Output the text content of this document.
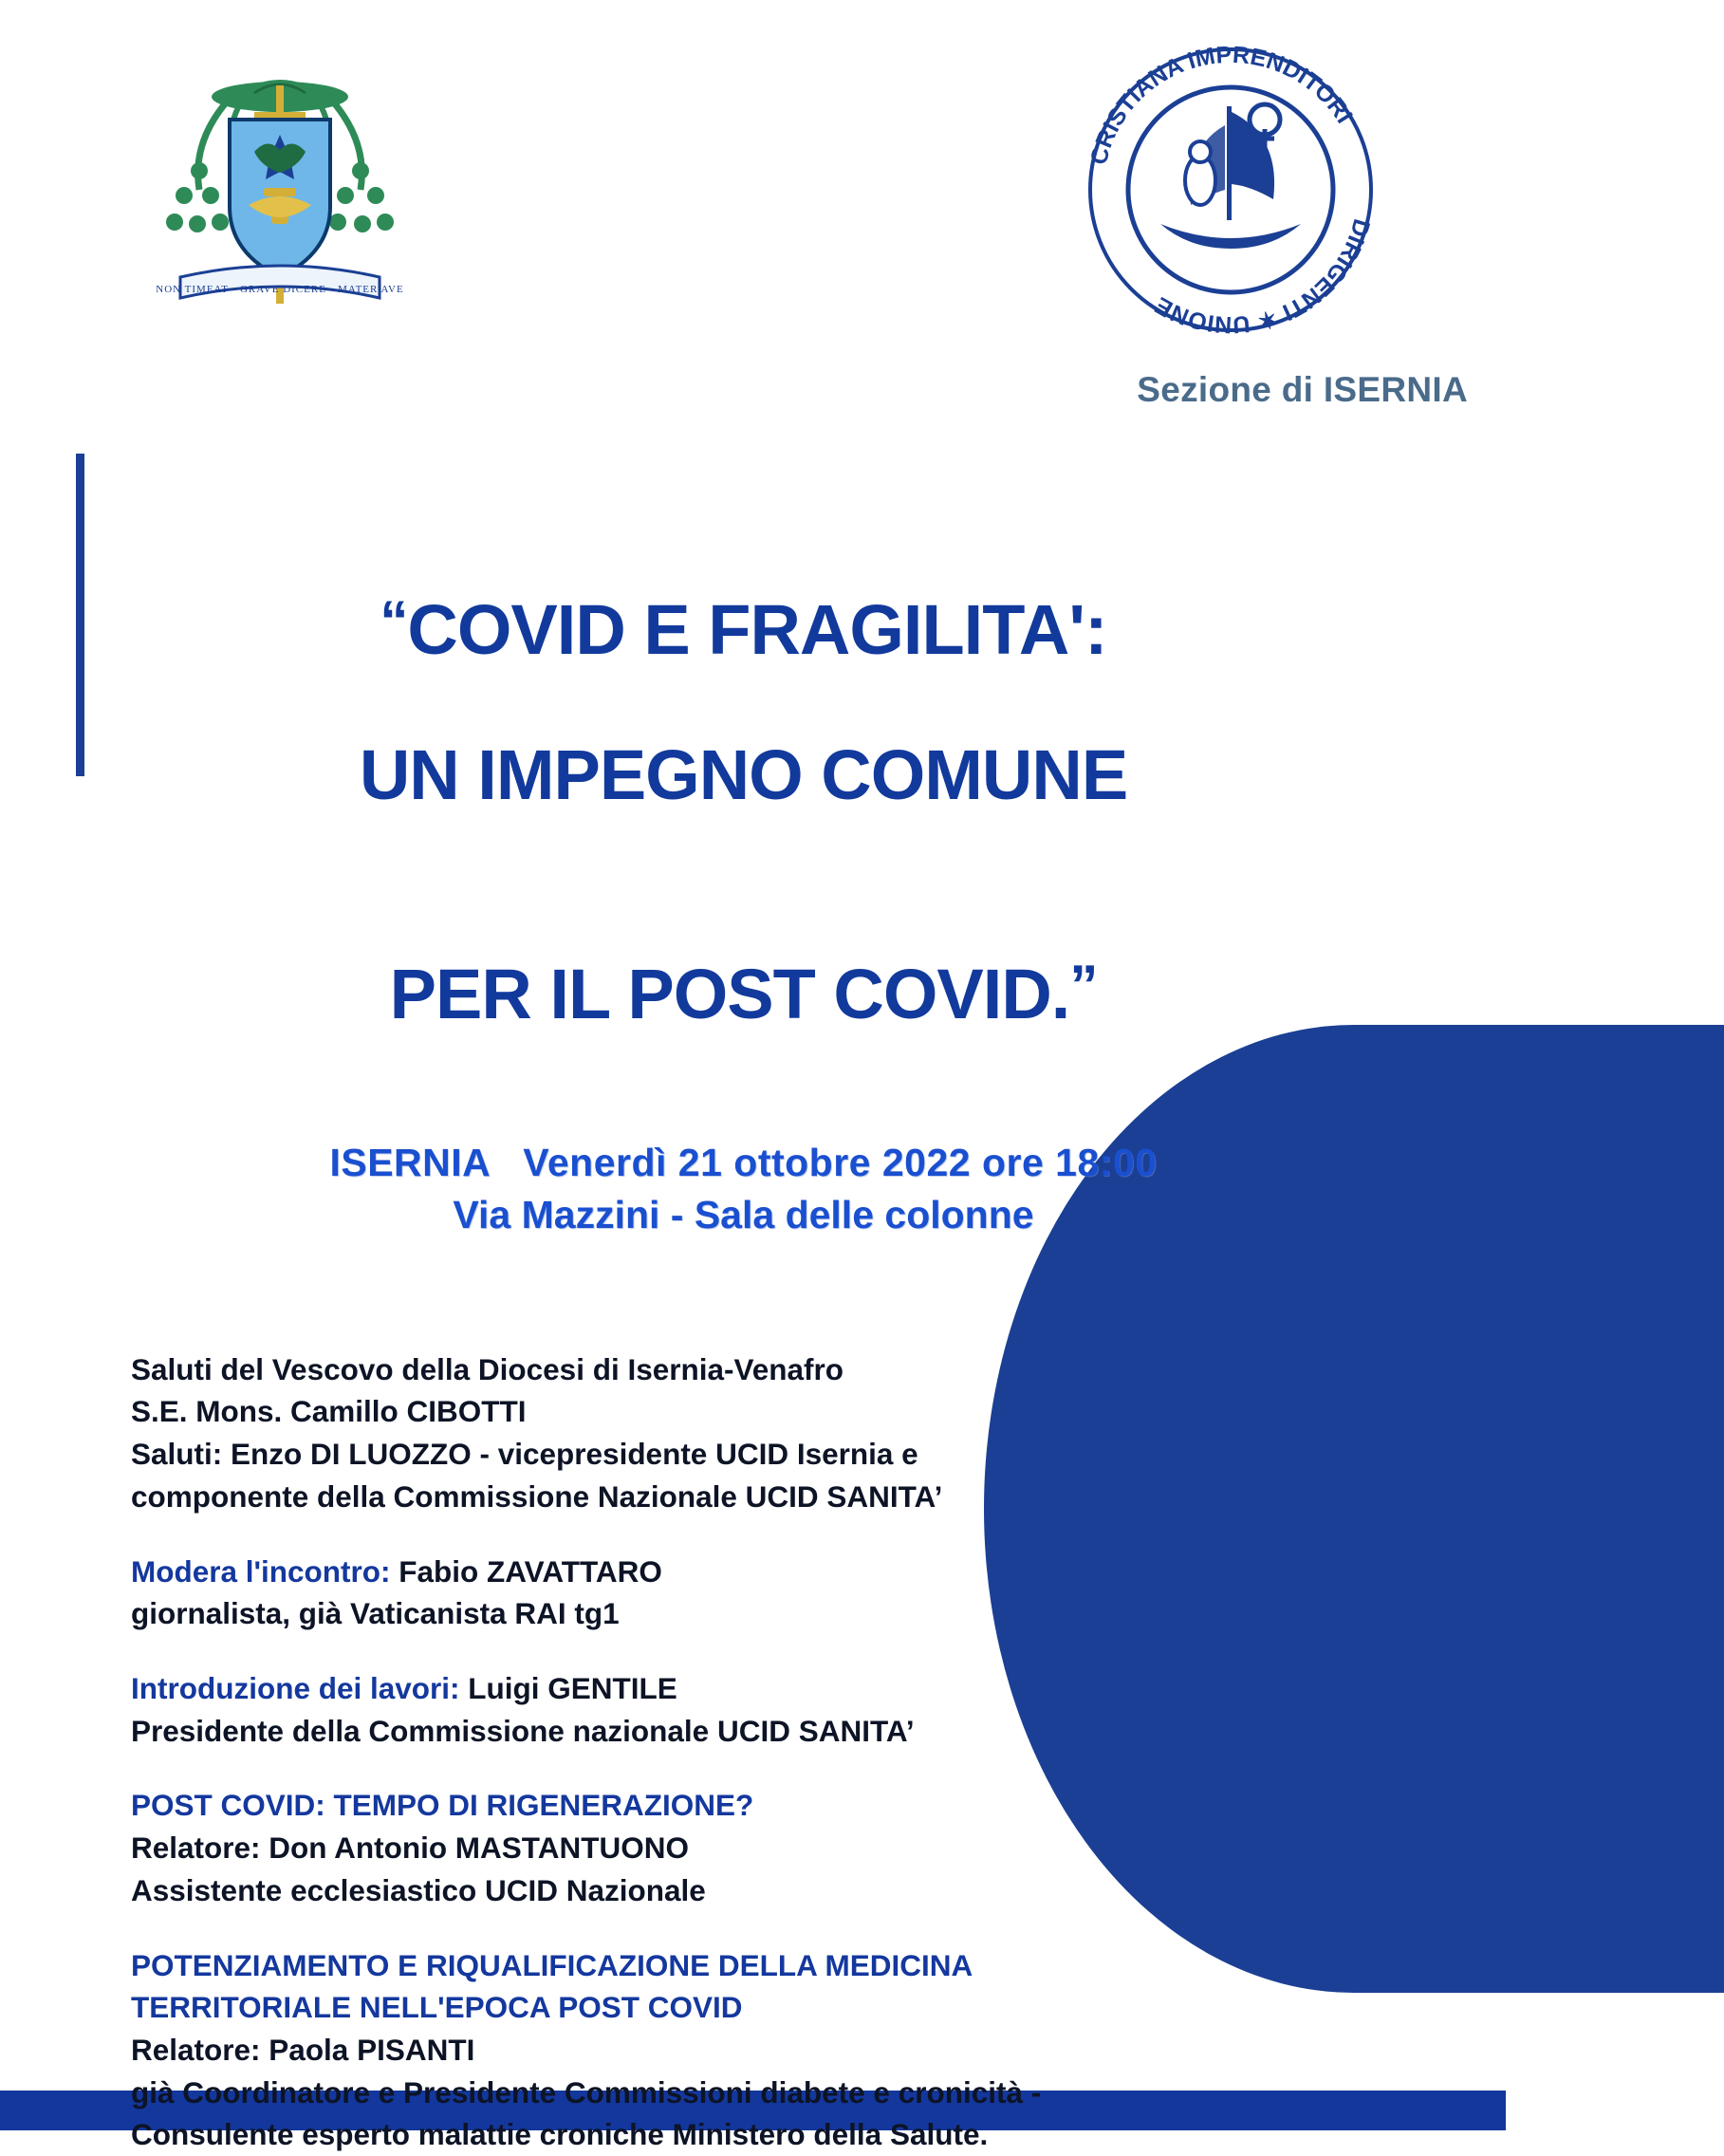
NON TIMEAT · GRAVE DICERE · MATER AVE
CRISTIANA IMPRENDITORI
DIRIGENTI ✶ UNIONE
Sezione di ISERNIA

“COVID E FRAGILITA':

UN IMPEGNO COMUNE

PER IL POST COVID.”

ISERNIA Venerdì 21 ottobre 2022 ore 18:00
Via Mazzini - Sala delle colonne

Saluti del Vescovo della Diocesi di Isernia-Venafro

S.E. Mons. Camillo CIBOTTI

Saluti: Enzo DI LUOZZO - vicepresidente UCID Isernia e

componente della Commissione Nazionale UCID SANITA’

Modera l'incontro: Fabio ZAVATTARO

giornalista, già Vaticanista RAI tg1

Introduzione dei lavori: Luigi GENTILE

Presidente della Commissione nazionale UCID SANITA’

POST COVID: TEMPO DI RIGENERAZIONE?

Relatore: Don Antonio MASTANTUONO

Assistente ecclesiastico UCID Nazionale

POTENZIAMENTO E RIQUALIFICAZIONE DELLA MEDICINA

TERRITORIALE NELL'EPOCA POST COVID

Relatore: Paola PISANTI

già Coordinatore e Presidente Commissioni diabete e cronicità -

Consulente esperto malattie croniche Ministero della Salute.
